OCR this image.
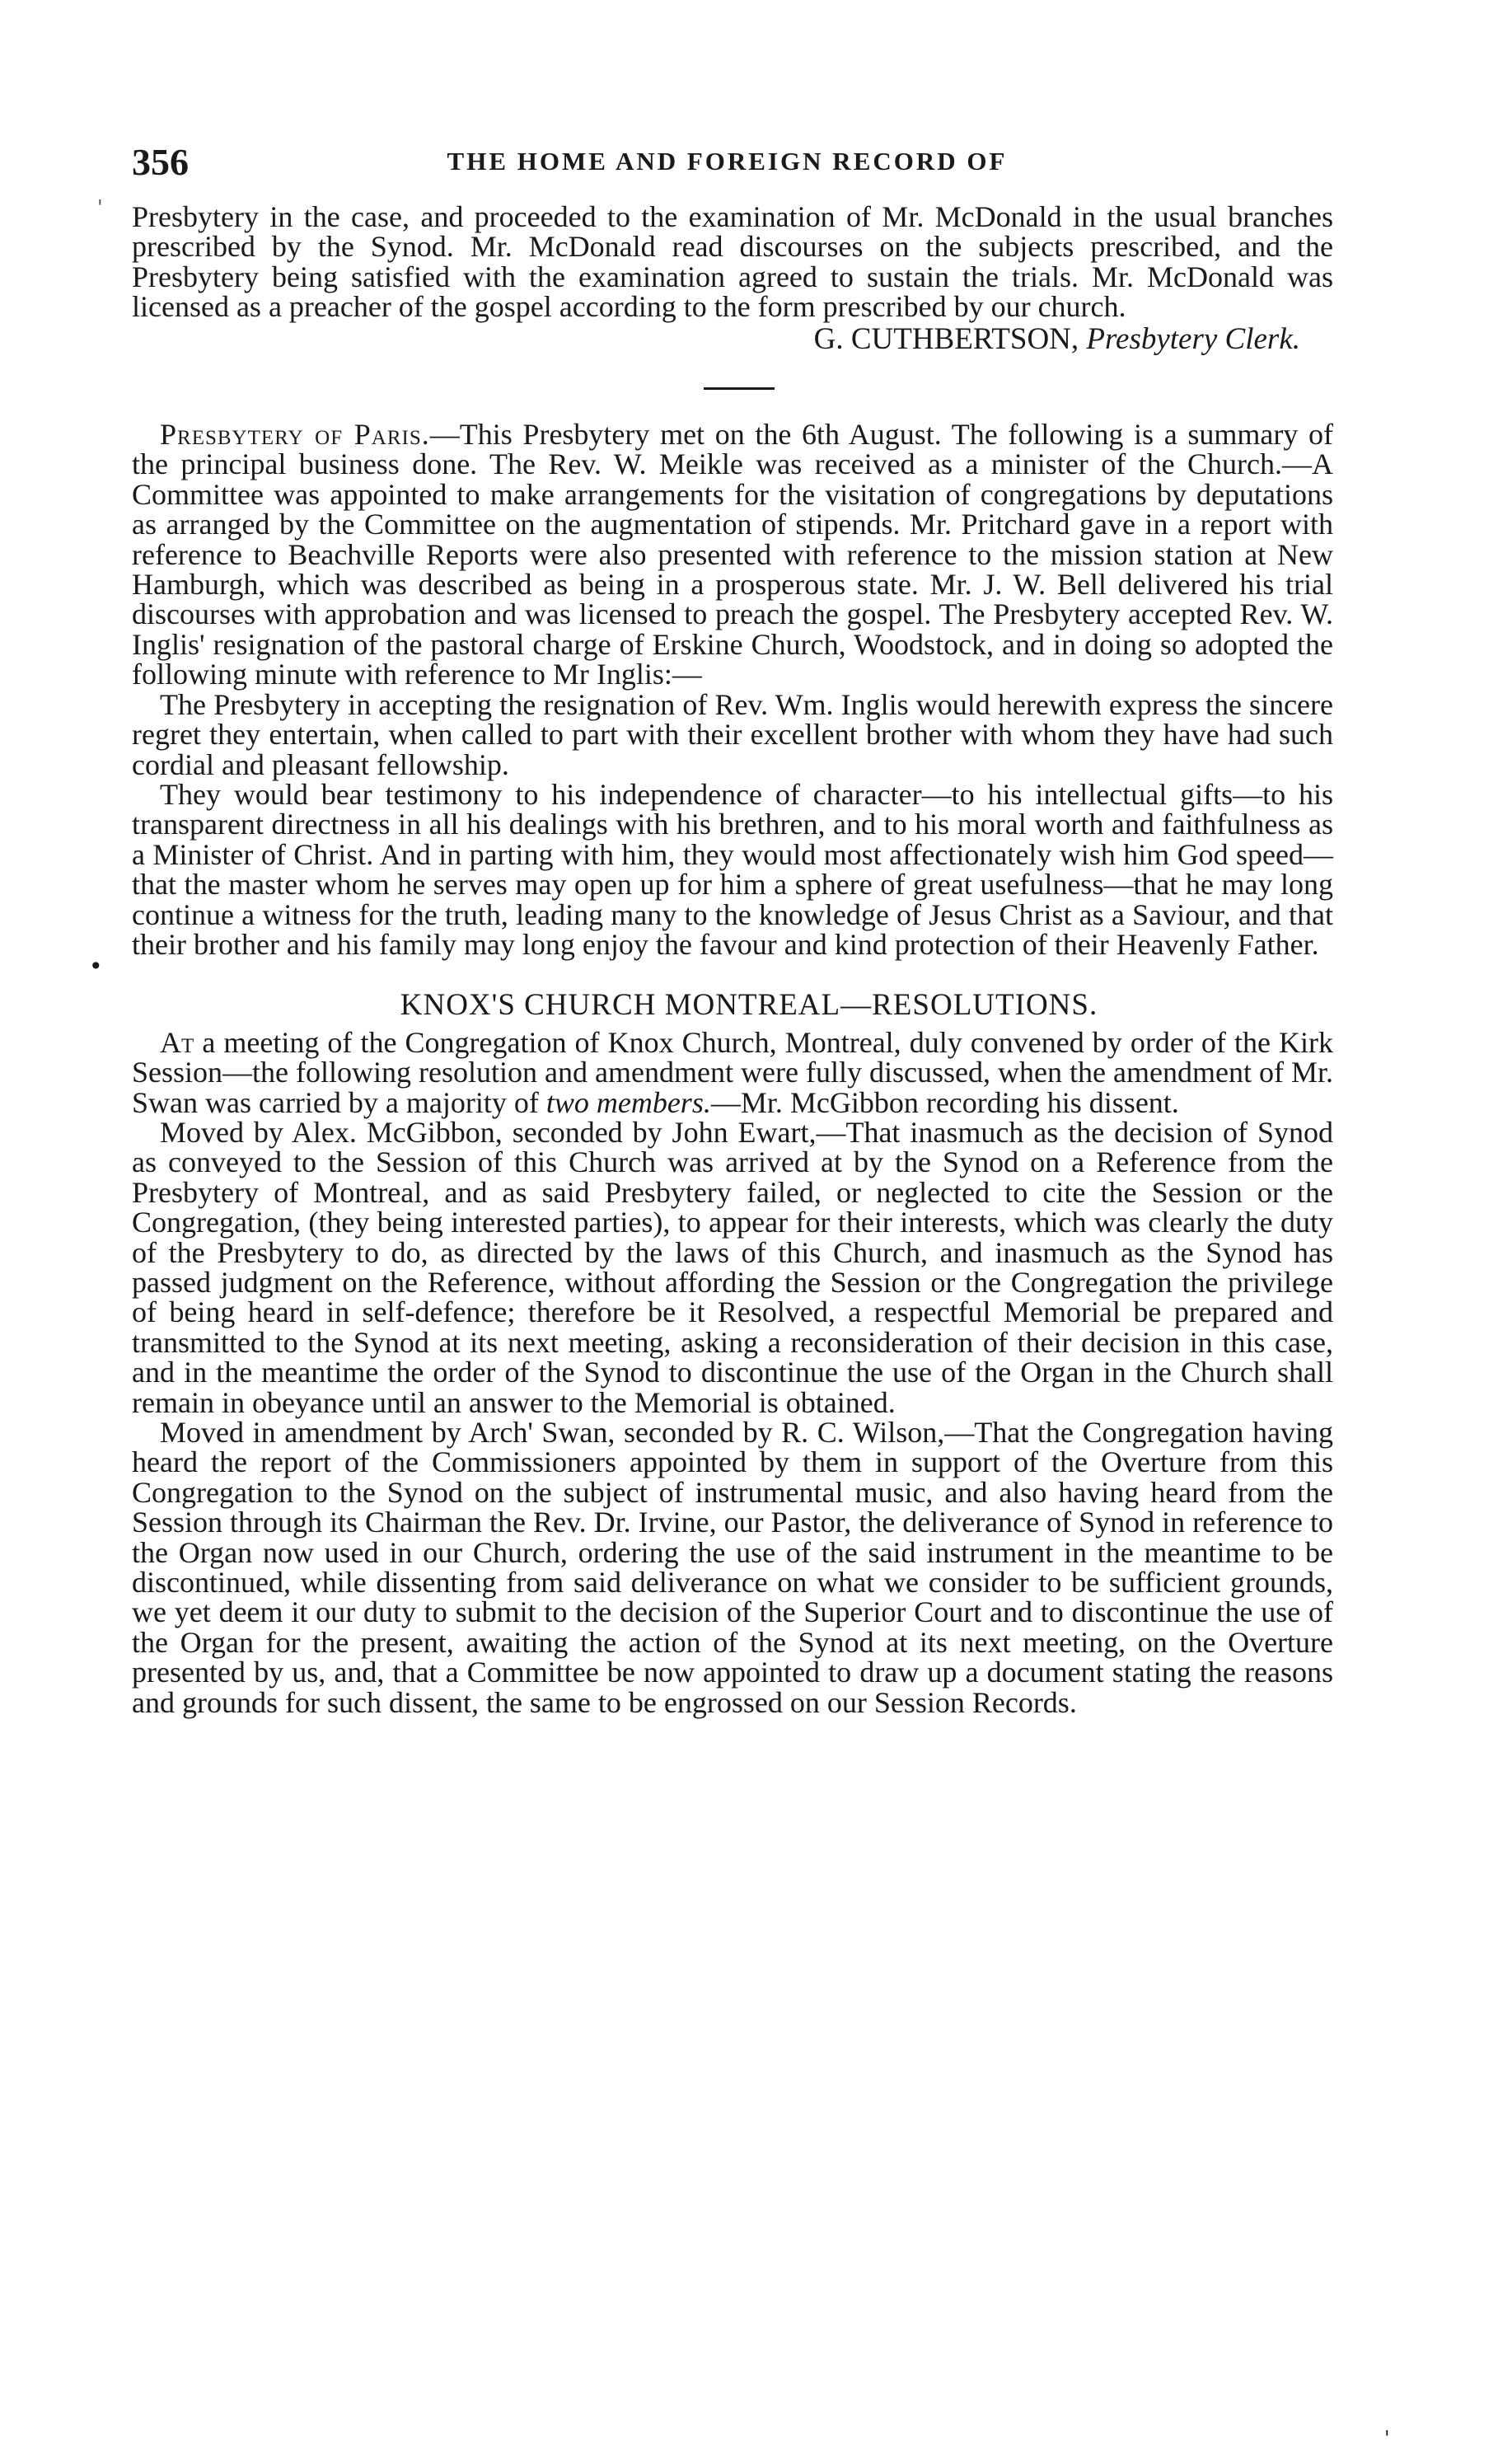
356	THE HOME AND FOREIGN RECORD OF
'
•
'

Presbytery in the case, and proceeded to the examination of Mr. McDonald in the usual branches prescribed by the Synod. Mr. McDonald read discourses on the subjects prescribed, and the Presbytery being satisfied with the examination agreed to sustain the trials. Mr. McDonald was licensed as a preacher of the gospel according to the form prescribed by our church.

G. CUTHBERTSON, Presbytery Clerk.

Presbytery of Paris.—This Presbytery met on the 6th August. The following is a summary of the principal business done. The Rev. W. Meikle was received as a minister of the Church.—A Committee was appointed to make arrangements for the visitation of congregations by deputations as arranged by the Committee on the augmentation of stipends. Mr. Pritchard gave in a report with reference to Beachville Reports were also presented with reference to the mission station at New Hamburgh, which was described as being in a prosperous state. Mr. J. W. Bell delivered his trial discourses with approbation and was licensed to preach the gospel. The Presbytery accepted Rev. W. Inglis' resignation of the pastoral charge of Erskine Church, Woodstock, and in doing so adopted the following minute with reference to Mr Inglis:—

The Presbytery in accepting the resignation of Rev. Wm. Inglis would herewith express the sincere regret they entertain, when called to part with their excellent brother with whom they have had such cordial and pleasant fellowship.

They would bear testimony to his independence of character—to his intellectual gifts—to his transparent directness in all his dealings with his brethren, and to his moral worth and faithfulness as a Minister of Christ. And in parting with him, they would most affectionately wish him God speed—that the master whom he serves may open up for him a sphere of great usefulness—that he may long continue a witness for the truth, leading many to the knowledge of Jesus Christ as a Saviour, and that their brother and his family may long enjoy the favour and kind protection of their Heavenly Father.

KNOX'S CHURCH MONTREAL—RESOLUTIONS.

At a meeting of the Congregation of Knox Church, Montreal, duly convened by order of the Kirk Session—the following resolution and amendment were fully discussed, when the amendment of Mr. Swan was carried by a majority of two members.—Mr. McGibbon recording his dissent.

Moved by Alex. McGibbon, seconded by John Ewart,—That inasmuch as the decision of Synod as conveyed to the Session of this Church was arrived at by the Synod on a Reference from the Presbytery of Montreal, and as said Presbytery failed, or neglected to cite the Session or the Congregation, (they being interested parties), to appear for their interests, which was clearly the duty of the Presbytery to do, as directed by the laws of this Church, and inasmuch as the Synod has passed judgment on the Reference, without affording the Session or the Congregation the privilege of being heard in self-defence; therefore be it Resolved, a respectful Memorial be prepared and transmitted to the Synod at its next meeting, asking a reconsideration of their decision in this case, and in the meantime the order of the Synod to discontinue the use of the Organ in the Church shall remain in obeyance until an answer to the Memorial is obtained.

Moved in amendment by Arch' Swan, seconded by R. C. Wilson,—That the Congregation having heard the report of the Commissioners appointed by them in support of the Overture from this Congregation to the Synod on the subject of instrumental music, and also having heard from the Session through its Chairman the Rev. Dr. Irvine, our Pastor, the deliverance of Synod in reference to the Organ now used in our Church, ordering the use of the said instrument in the meantime to be discontinued, while dissenting from said deliverance on what we consider to be sufficient grounds, we yet deem it our duty to submit to the decision of the Superior Court and to discontinue the use of the Organ for the present, awaiting the action of the Synod at its next meeting, on the Overture presented by us, and, that a Committee be now appointed to draw up a document stating the reasons and grounds for such dissent, the same to be engrossed on our Session Records.
